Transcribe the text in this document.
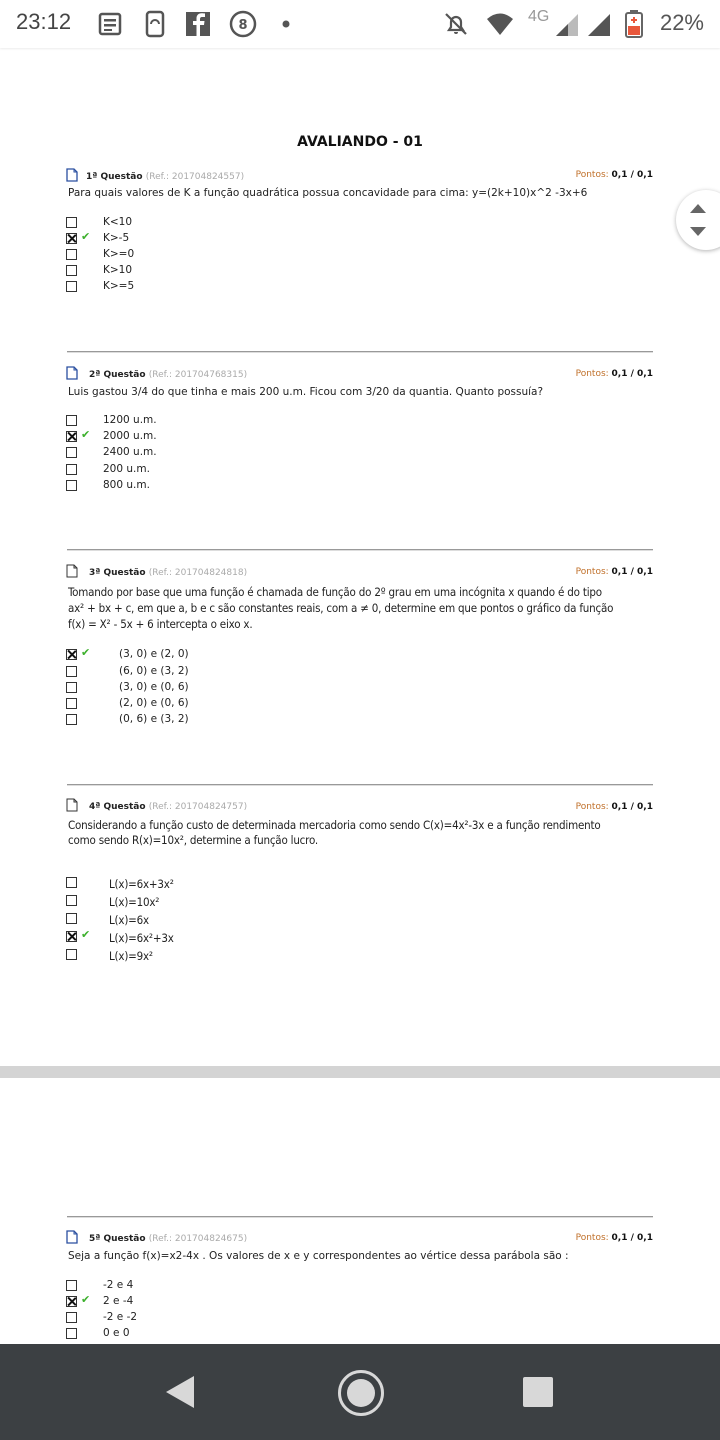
23:12	8
4G	22%
AVALIANDO - 01
1ª Questão (Ref.: 201704824557)	Pontos: 0,1 / 0,1
Para quais valores de K a função quadrática possua concavidade para cima: y=(2k+10)x^2 -3x+6
K<10
✔ K>-5
K>=0
K>10
K>=5
2ª Questão (Ref.: 201704768315)	Pontos: 0,1 / 0,1
Luis gastou 3/4 do que tinha e mais 200 u.m. Ficou com 3/20 da quantia. Quanto possuía?
1200 u.m.
✔ 2000 u.m.
2400 u.m.
200 u.m.
800 u.m.
3ª Questão (Ref.: 201704824818)	Pontos: 0,1 / 0,1
Tomando por base que uma função é chamada de função do 2º grau em uma incógnita x quando é do tipo
ax² + bx + c, em que a, b e c são constantes reais, com a ≠ 0, determine em que pontos o gráfico da função
f(x) = X² - 5x + 6 intercepta o eixo x.
✔	(3, 0) e (2, 0)
(6, 0) e (3, 2)
(3, 0) e (0, 6)
(2, 0) e (0, 6)
(0, 6) e (3, 2)
4ª Questão (Ref.: 201704824757)	Pontos: 0,1 / 0,1
Considerando a função custo de determinada mercadoria como sendo C(x)=4x²-3x e a função rendimento
como sendo R(x)=10x², determine a função lucro.
L(x)=6x+3x²
L(x)=10x²
L(x)=6x
✔ L(x)=6x²+3x
L(x)=9x²
5ª Questão (Ref.: 201704824675)	Pontos: 0,1 / 0,1
Seja a função f(x)=x2-4x . Os valores de x e y correspondentes ao vértice dessa parábola são :
-2 e 4
✔ 2 e -4
-2 e -2
0 e 0
